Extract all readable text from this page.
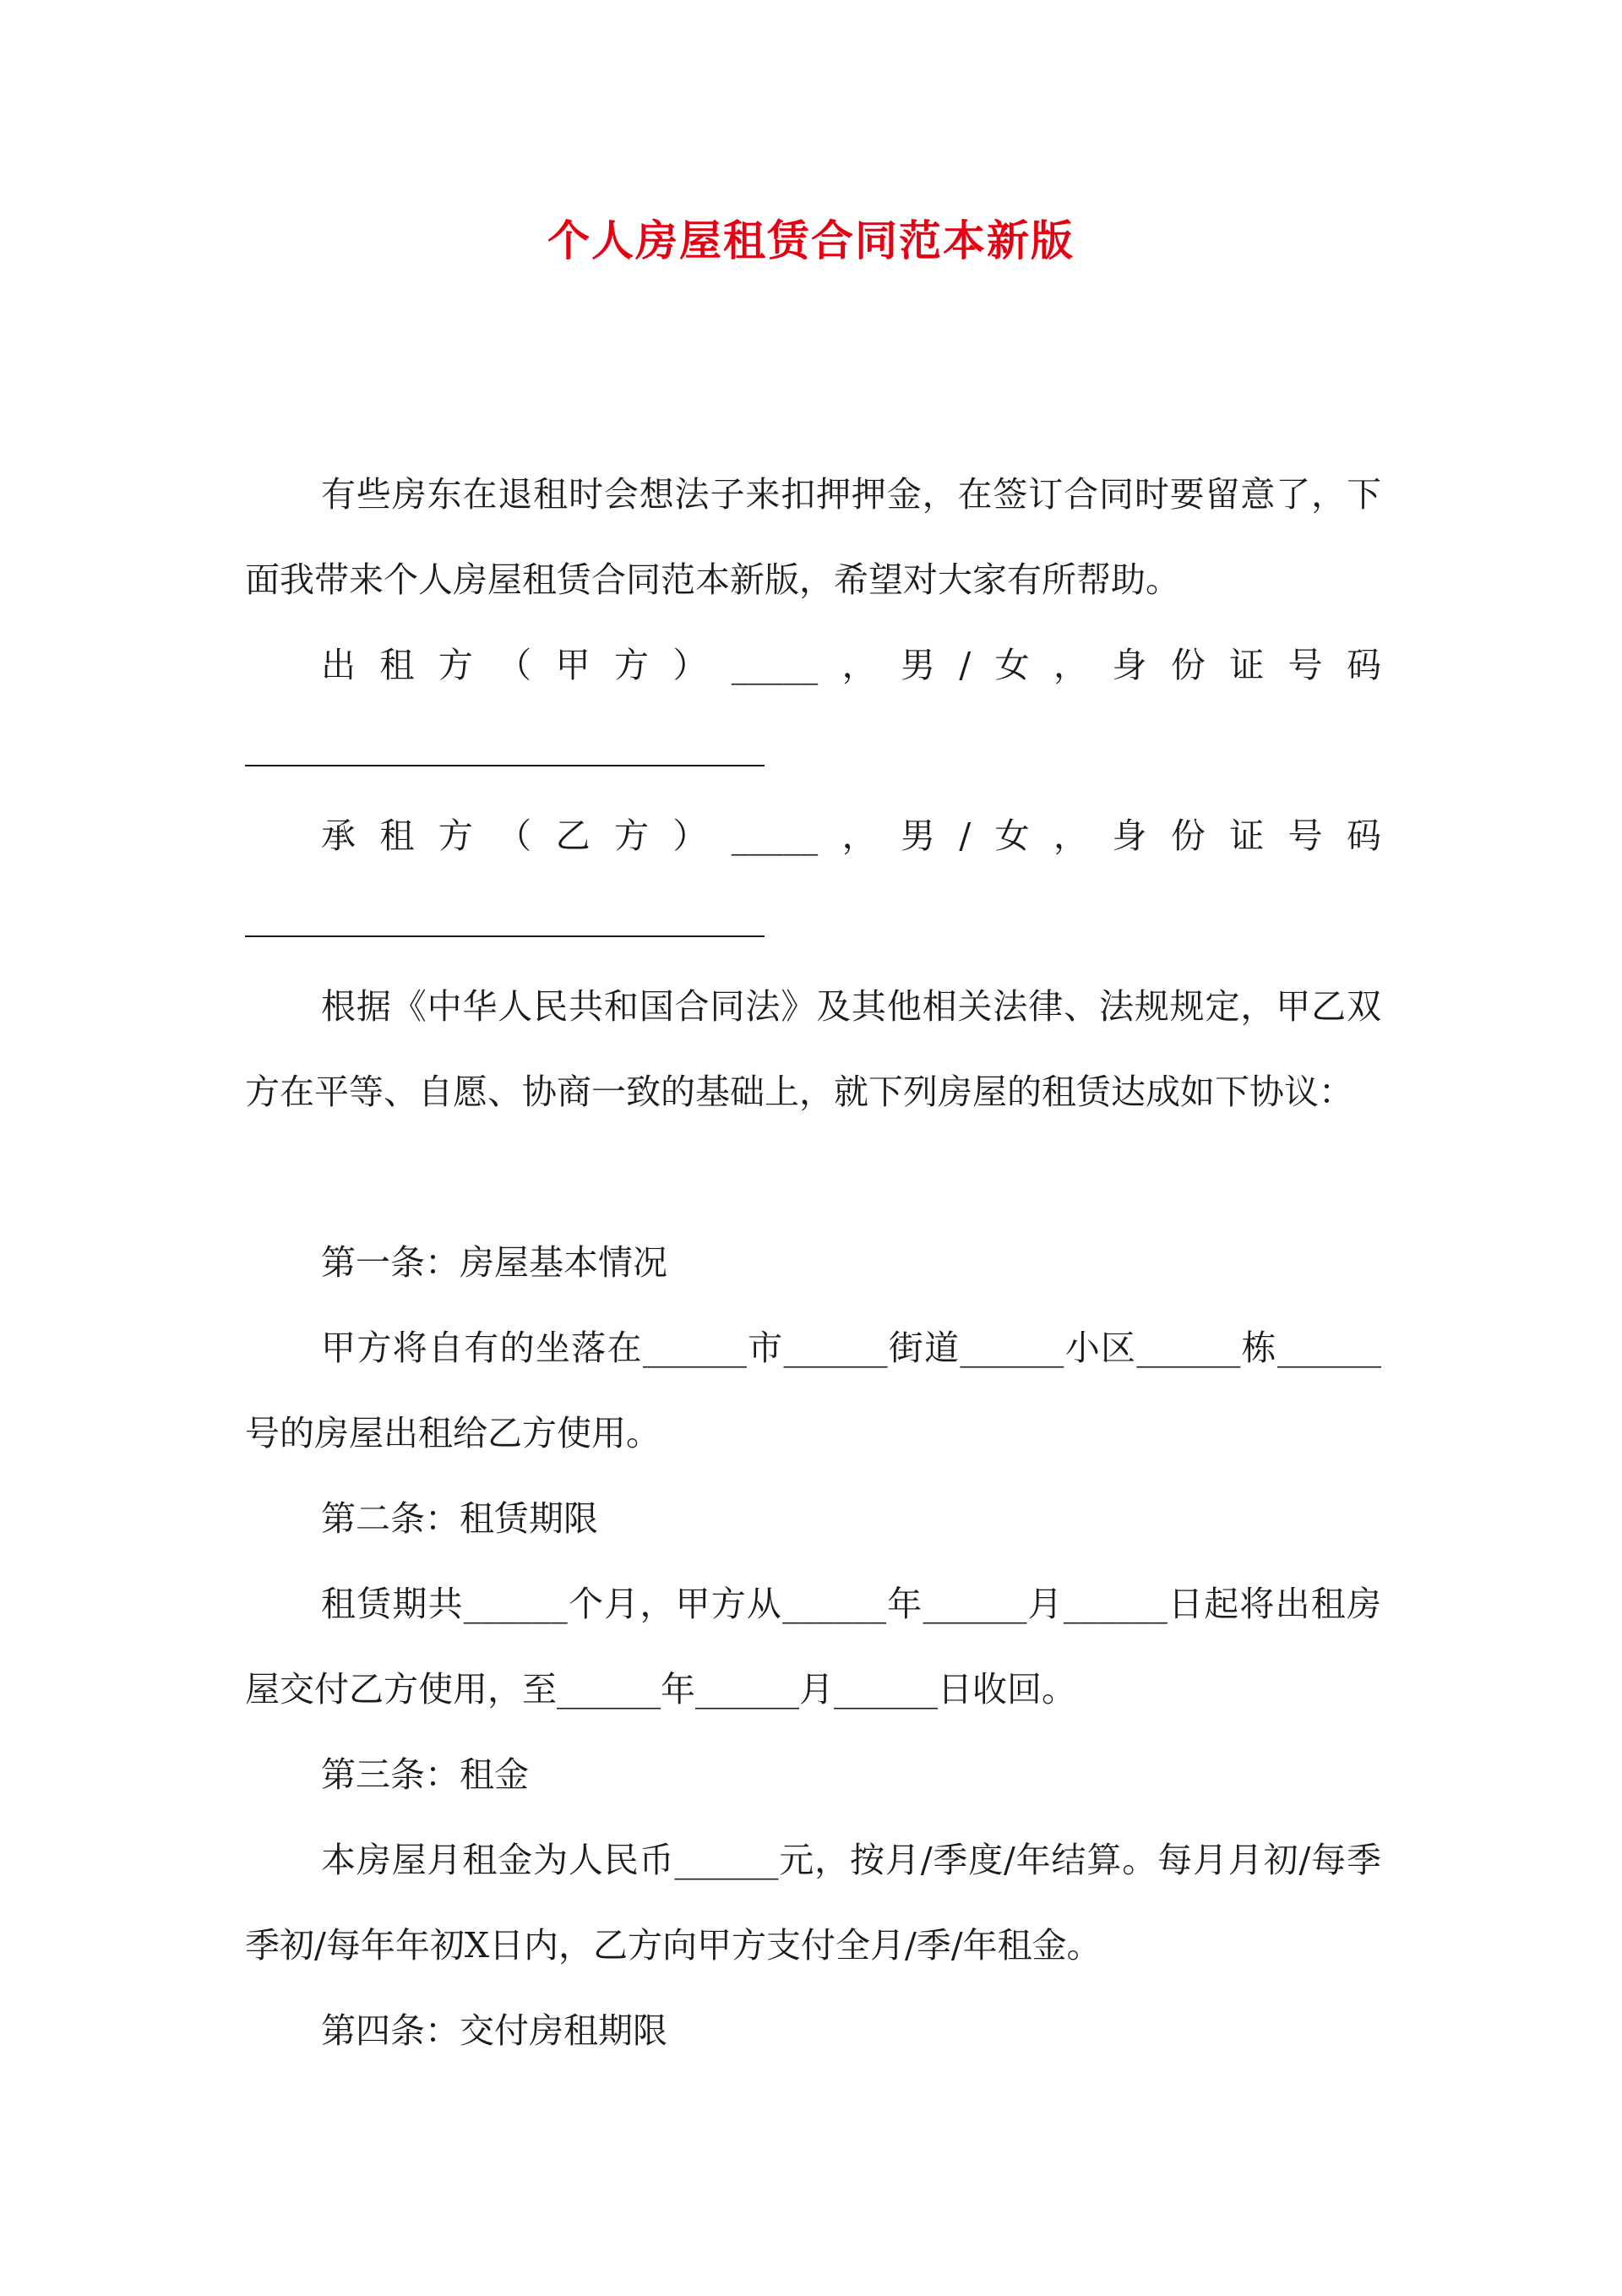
个人房屋租赁合同范本新版

有些房东在退租时会想法子来扣押押金，在签订合同时要留意了，下面我带来个人房屋租赁合同范本新版，希望对大家有所帮助。

出租方（甲方）_____，男/女，身份证号码

承租方（乙方）_____，男/女，身份证号码

根据《中华人民共和国合同法》及其他相关法律、法规规定，甲乙双方在平等、自愿、协商一致的基础上，就下列房屋的租赁达成如下协议：

第一条：房屋基本情况

甲方将自有的坐落在______市______街道______小区______栋______号的房屋出租给乙方使用。

第二条：租赁期限

租赁期共______个月，甲方从______年______月______日起将出租房屋交付乙方使用，至______年______月______日收回。

第三条：租金

本房屋月租金为人民币______元，按月/季度/年结算。每月月初/每季季初/每年年初X日内，乙方向甲方支付全月/季/年租金。

第四条：交付房租期限
